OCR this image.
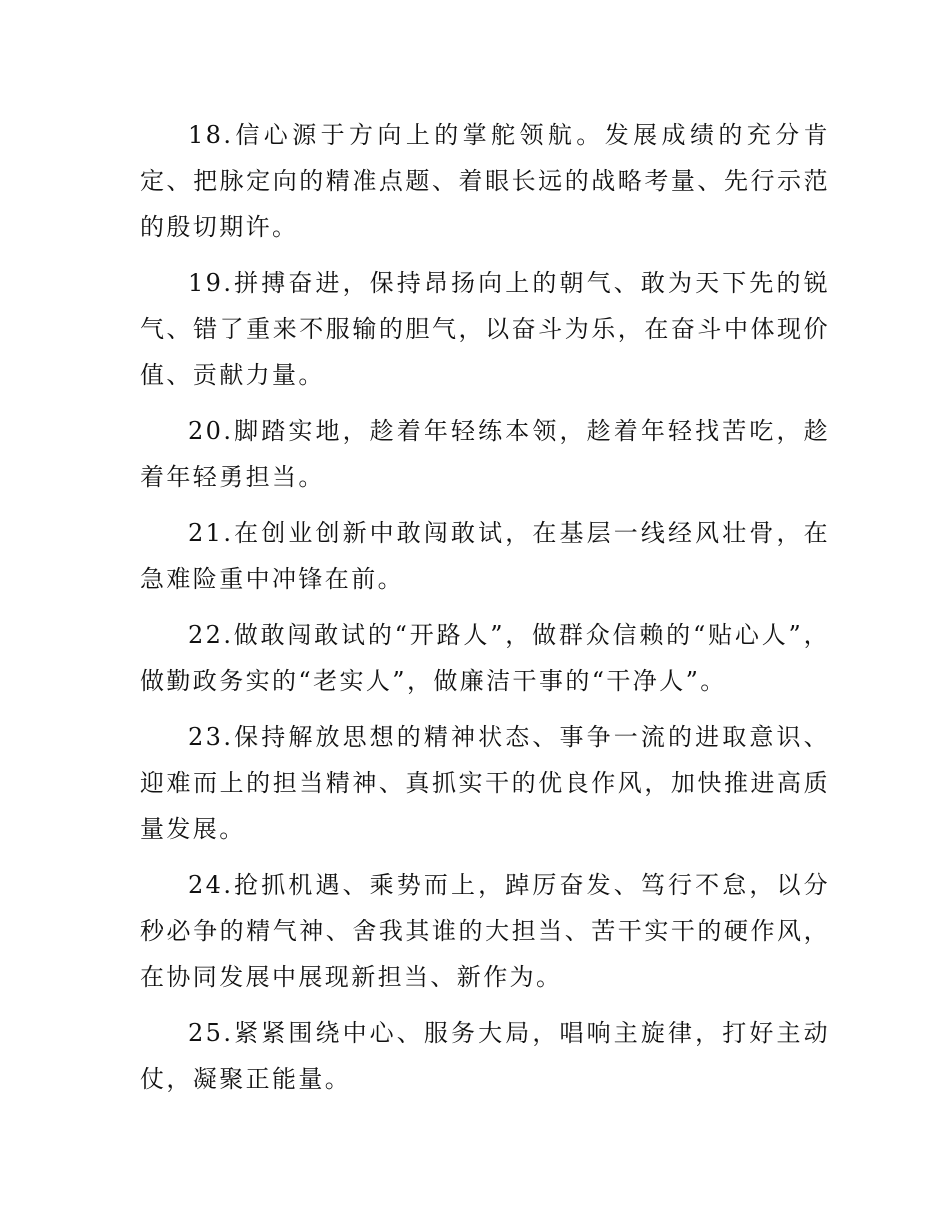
18.信心源于方向上的掌舵领航。发展成绩的充分肯定、把脉定向的精准点题、着眼长远的战略考量、先行示范的殷切期许。

19.拼搏奋进，保持昂扬向上的朝气、敢为天下先的锐气、错了重来不服输的胆气，以奋斗为乐，在奋斗中体现价值、贡献力量。

20.脚踏实地，趁着年轻练本领，趁着年轻找苦吃，趁着年轻勇担当。

21.在创业创新中敢闯敢试，在基层一线经风壮骨，在急难险重中冲锋在前。

22.做敢闯敢试的“开路人”，做群众信赖的“贴心人”，做勤政务实的“老实人”，做廉洁干事的“干净人”。

23.保持解放思想的精神状态、事争一流的进取意识、迎难而上的担当精神、真抓实干的优良作风，加快推进高质量发展。

24.抢抓机遇、乘势而上，踔厉奋发、笃行不怠，以分秒必争的精气神、舍我其谁的大担当、苦干实干的硬作风，在协同发展中展现新担当、新作为。

25.紧紧围绕中心、服务大局，唱响主旋律，打好主动仗，凝聚正能量。
